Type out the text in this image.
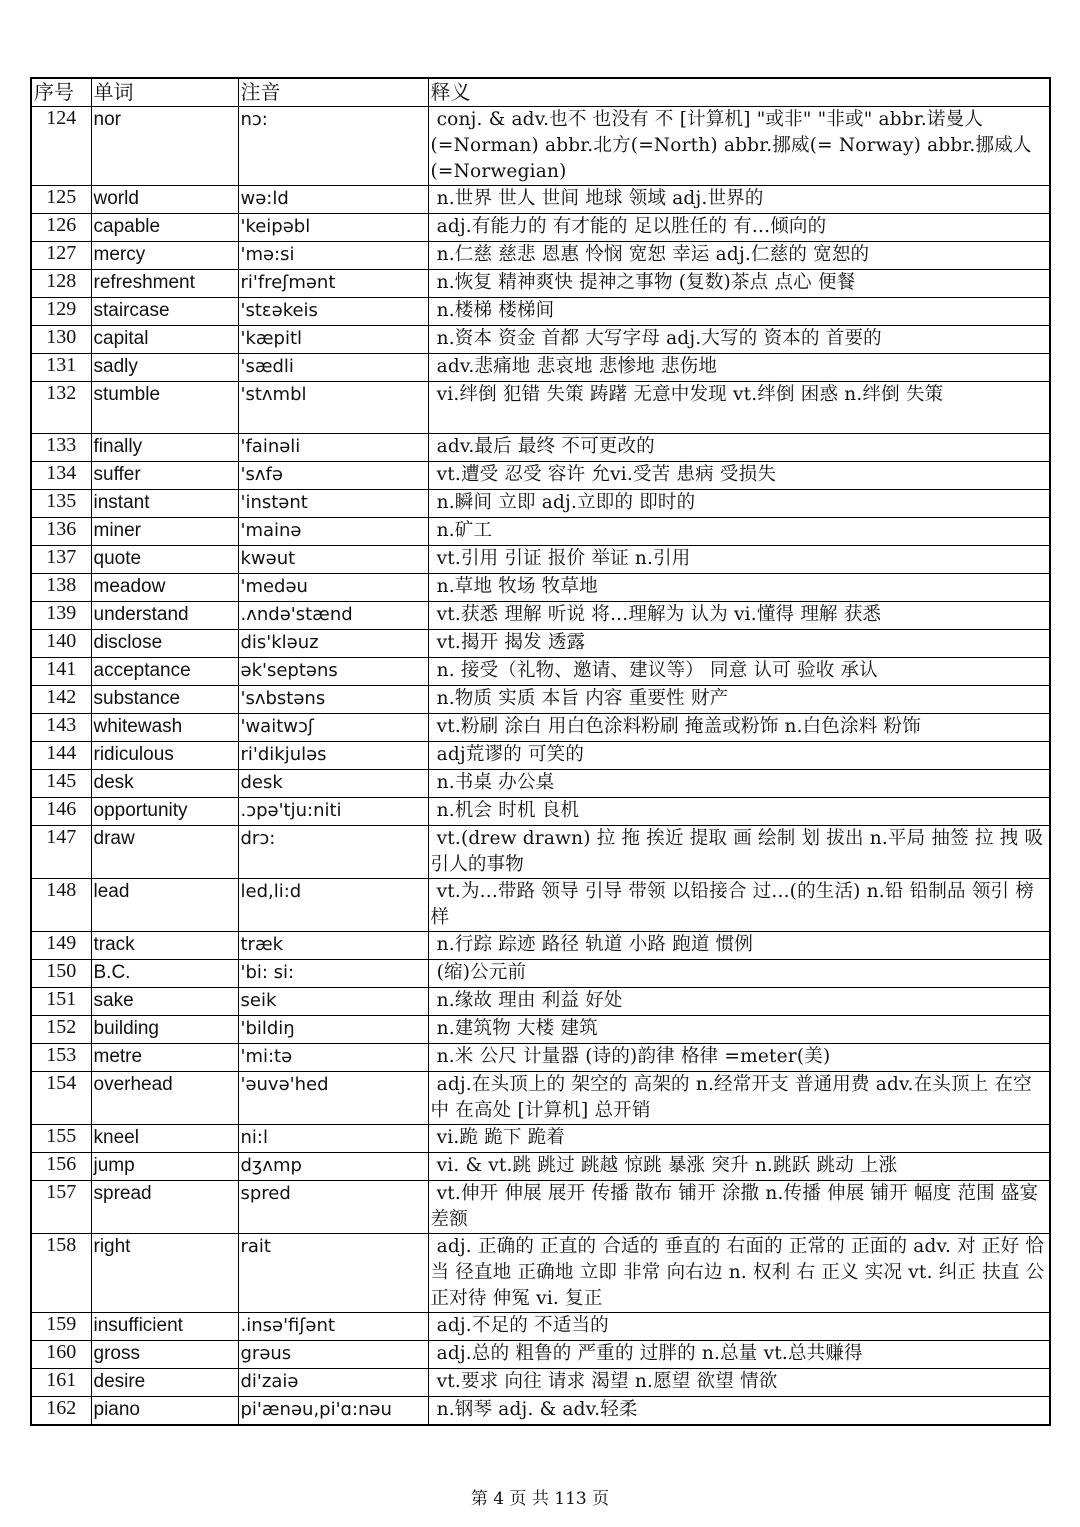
序号	单词	注音	释义
124	nor	nɔ:	conj. & adv.也不 也没有 不 [计算机] "或非" "非或" abbr.诺曼人(=Norman) abbr.北方(=North) abbr.挪威(= Norway) abbr.挪威人(=Norwegian)
125	world	wə:ld	n.世界 世人 世间 地球 领域 adj.世界的
126	capable	'keipəbl	adj.有能力的 有才能的 足以胜任的 有...倾向的
127	mercy	'mə:si	n.仁慈 慈悲 恩惠 怜悯 宽恕 幸运 adj.仁慈的 宽恕的
128	refreshment	ri'freʃmənt	n.恢复 精神爽快 提神之事物 (复数)茶点 点心 便餐
129	staircase	'stεəkeis	n.楼梯 楼梯间
130	capital	'kæpitl	n.资本 资金 首都 大写字母 adj.大写的 资本的 首要的
131	sadly	'sædli	adv.悲痛地 悲哀地 悲惨地 悲伤地
132	stumble	'stʌmbl	vi.绊倒 犯错 失策 踌躇 无意中发现 vt.绊倒 困惑 n.绊倒 失策
133	finally	'fainəli	adv.最后 最终 不可更改的
134	suffer	'sʌfə	vt.遭受 忍受 容许 允vi.受苦 患病 受损失
135	instant	'instənt	n.瞬间 立即 adj.立即的 即时的
136	miner	'mainə	n.矿工
137	quote	kwəut	vt.引用 引证 报价 举证 n.引用
138	meadow	'medəu	n.草地 牧场 牧草地
139	understand	.ʌndə'stænd	vt.获悉 理解 听说 将...理解为 认为 vi.懂得 理解 获悉
140	disclose	dis'kləuz	vt.揭开 揭发 透露
141	acceptance	ək'septəns	n. 接受（礼物、邀请、建议等） 同意 认可 验收 承认
142	substance	'sʌbstəns	n.物质 实质 本旨 内容 重要性 财产
143	whitewash	'waitwɔʃ	vt.粉刷 涂白 用白色涂料粉刷 掩盖或粉饰 n.白色涂料 粉饰
144	ridiculous	ri'dikjuləs	adj荒谬的 可笑的
145	desk	desk	n.书桌 办公桌
146	opportunity	.ɔpə'tju:niti	n.机会 时机 良机
147	draw	drɔ:	vt.(drew drawn) 拉 拖 挨近 提取 画 绘制 划 拔出 n.平局 抽签 拉 拽 吸引人的事物
148	lead	led,li:d	vt.为...带路 领导 引导 带领 以铅接合 过...(的生活) n.铅 铅制品 领引 榜样
149	track	træk	n.行踪 踪迹 路径 轨道 小路 跑道 惯例
150	B.C.	'bi: si:	(缩)公元前
151	sake	seik	n.缘故 理由 利益 好处
152	building	'bildiŋ	n.建筑物 大楼 建筑
153	metre	'mi:tə	n.米 公尺 计量器 (诗的)韵律 格律 =meter(美)
154	overhead	'əuvə'hed	adj.在头顶上的 架空的 高架的 n.经常开支 普通用费 adv.在头顶上 在空中 在高处 [计算机] 总开销
155	kneel	ni:l	vi.跪 跪下 跪着
156	jump	dʒʌmp	vi. & vt.跳 跳过 跳越 惊跳 暴涨 突升 n.跳跃 跳动 上涨
157	spread	spred	vt.伸开 伸展 展开 传播 散布 铺开 涂撒 n.传播 伸展 铺开 幅度 范围 盛宴 差额
158	right	rait	adj. 正确的 正直的 合适的 垂直的 右面的 正常的 正面的 adv. 对 正好 恰当 径直地 正确地 立即 非常 向右边 n. 权利 右 正义 实况 vt. 纠正 扶直 公正对待 伸冤 vi. 复正
159	insufficient	.insə'fiʃənt	adj.不足的 不适当的
160	gross	grəus	adj.总的 粗鲁的 严重的 过胖的 n.总量 vt.总共赚得
161	desire	di'zaiə	vt.要求 向往 请求 渴望 n.愿望 欲望 情欲
162	piano	pi'ænəu,pi'ɑ:nəu	n.钢琴 adj. & adv.轻柔
第 4 页 共 113 页
